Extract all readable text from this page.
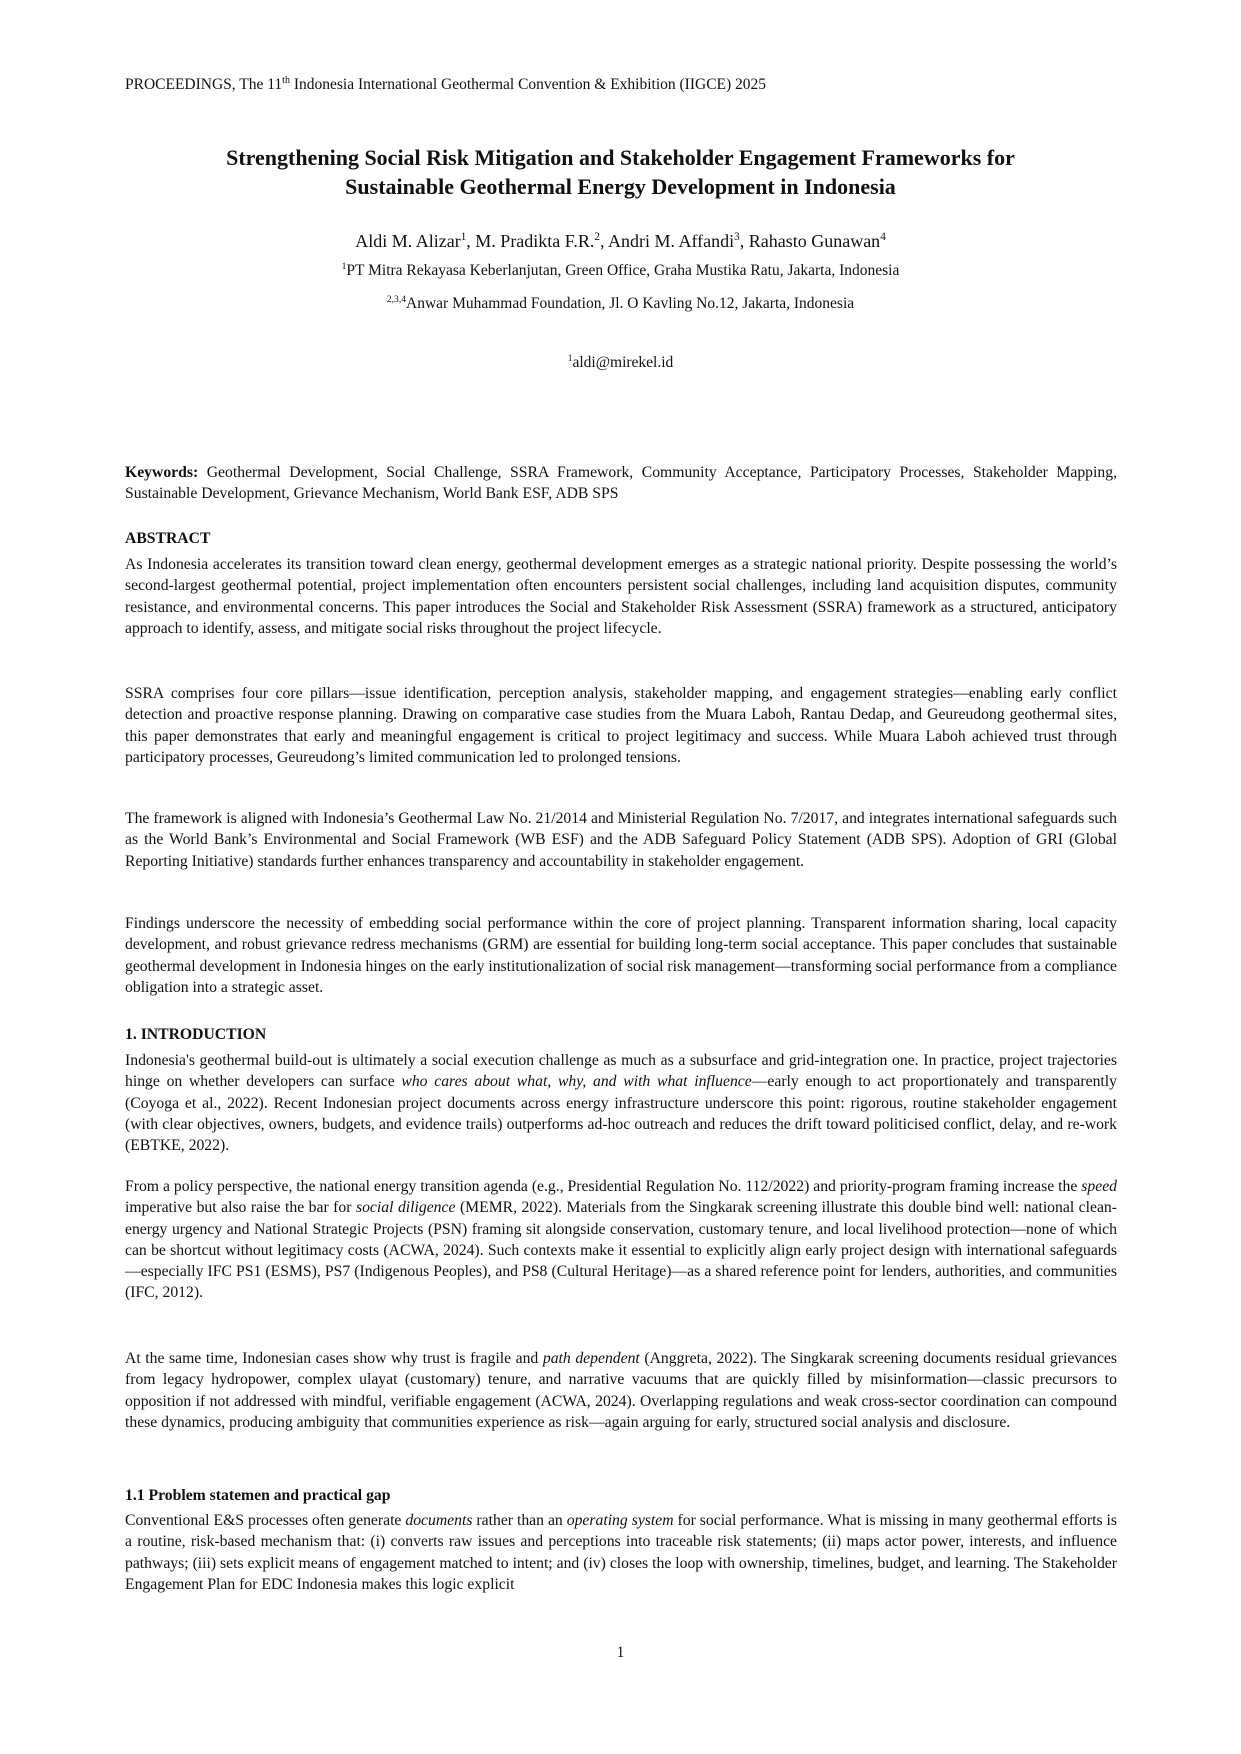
PROCEEDINGS, The 11th Indonesia International Geothermal Convention & Exhibition (IIGCE) 2025
Strengthening Social Risk Mitigation and Stakeholder Engagement Frameworks for
Sustainable Geothermal Energy Development in Indonesia
Aldi M. Alizar$^1$, M. Pradikta F.R.$^2$, Andri M. Affandi$^3$, Rahasto Gunawan$^4$
$^1$PT Mitra Rekayasa Keberlanjutan, Green Office, Graha Mustika Ratu, Jakarta, Indonesia
$^{2,3,4}$Anwar Muhammad Foundation, Jl. O Kavling No.12, Jakarta, Indonesia
$^1$aldi@mirekel.id
Keywords: Geothermal Development, Social Challenge, SSRA Framework, Community Acceptance, Participatory Processes, Stakeholder Mapping, Sustainable Development, Grievance Mechanism, World Bank ESF, ADB SPS
ABSTRACT

As Indonesia accelerates its transition toward clean energy, geothermal development emerges as a strategic national priority. Despite possessing the world’s second-largest geothermal potential, project implementation often encounters persistent social challenges, including land acquisition disputes, community resistance, and environmental concerns. This paper introduces the Social and Stakeholder Risk Assessment (SSRA) framework as a structured, anticipatory approach to identify, assess, and mitigate social risks throughout the project lifecycle.

SSRA comprises four core pillars—issue identification, perception analysis, stakeholder mapping, and engagement strategies—enabling early conflict detection and proactive response planning. Drawing on comparative case studies from the Muara Laboh, Rantau Dedap, and Geureudong geothermal sites, this paper demonstrates that early and meaningful engagement is critical to project legitimacy and success. While Muara Laboh achieved trust through participatory processes, Geureudong’s limited communication led to prolonged tensions.

The framework is aligned with Indonesia’s Geothermal Law No. 21/2014 and Ministerial Regulation No. 7/2017, and integrates international safeguards such as the World Bank’s Environmental and Social Framework (WB ESF) and the ADB Safeguard Policy Statement (ADB SPS). Adoption of GRI (Global Reporting Initiative) standards further enhances transparency and accountability in stakeholder engagement.

Findings underscore the necessity of embedding social performance within the core of project planning. Transparent information sharing, local capacity development, and robust grievance redress mechanisms (GRM) are essential for building long-term social acceptance. This paper concludes that sustainable geothermal development in Indonesia hinges on the early institutionalization of social risk management—transforming social performance from a compliance obligation into a strategic asset.

1. INTRODUCTION

Indonesia's geothermal build-out is ultimately a social execution challenge as much as a subsurface and grid-integration one. In practice, project trajectories hinge on whether developers can surface who cares about what, why, and with what influence—early enough to act proportionately and transparently (Coyoga et al., 2022). Recent Indonesian project documents across energy infrastructure underscore this point: rigorous, routine stakeholder engagement (with clear objectives, owners, budgets, and evidence trails) outperforms ad-hoc outreach and reduces the drift toward politicised conflict, delay, and re-work (EBTKE, 2022).

From a policy perspective, the national energy transition agenda (e.g., Presidential Regulation No. 112/2022) and priority-program framing increase the speed imperative but also raise the bar for social diligence (MEMR, 2022). Materials from the Singkarak screening illustrate this double bind well: national clean-energy urgency and National Strategic Projects (PSN) framing sit alongside conservation, customary tenure, and local livelihood protection—none of which can be shortcut without legitimacy costs (ACWA, 2024). Such contexts make it essential to explicitly align early project design with international safeguards—especially IFC PS1 (ESMS), PS7 (Indigenous Peoples), and PS8 (Cultural Heritage)—as a shared reference point for lenders, authorities, and communities (IFC, 2012).

At the same time, Indonesian cases show why trust is fragile and path dependent (Anggreta, 2022). The Singkarak screening documents residual grievances from legacy hydropower, complex ulayat (customary) tenure, and narrative vacuums that are quickly filled by misinformation—classic precursors to opposition if not addressed with mindful, verifiable engagement (ACWA, 2024). Overlapping regulations and weak cross-sector coordination can compound these dynamics, producing ambiguity that communities experience as risk—again arguing for early, structured social analysis and disclosure.

1.1 Problem statemen and practical gap

Conventional E&S processes often generate documents rather than an operating system for social performance. What is missing in many geothermal efforts is a routine, risk-based mechanism that: (i) converts raw issues and perceptions into traceable risk statements; (ii) maps actor power, interests, and influence pathways; (iii) sets explicit means of engagement matched to intent; and (iv) closes the loop with ownership, timelines, budget, and learning. The Stakeholder Engagement Plan for EDC Indonesia makes this logic explicit

1
